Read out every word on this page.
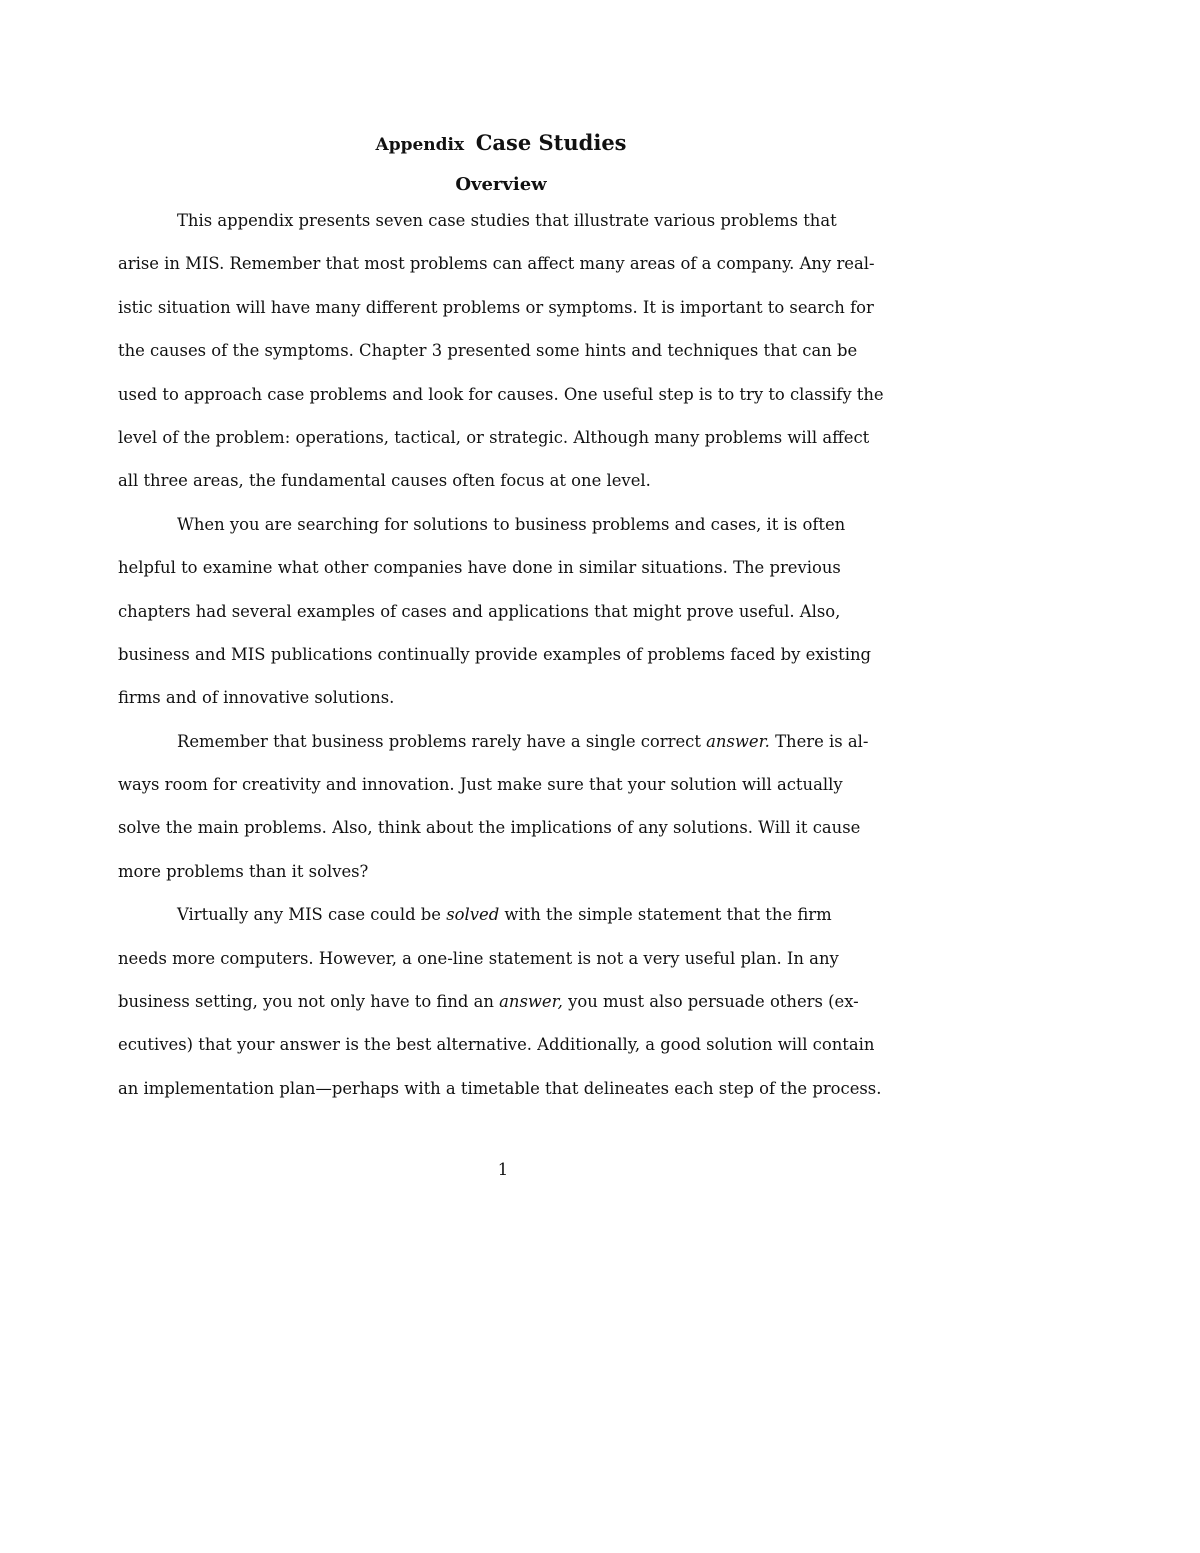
Appendix Case Studies
Overview
This appendix presents seven case studies that illustrate various problems that
arise in MIS. Remember that most problems can affect many areas of a company. Any real-
istic situation will have many different problems or symptoms. It is important to search for
the causes of the symptoms. Chapter 3 presented some hints and techniques that can be
used to approach case problems and look for causes. One useful step is to try to classify the
level of the problem: operations, tactical, or strategic. Although many problems will affect
all three areas, the fundamental causes often focus at one level.
When you are searching for solutions to business problems and cases, it is often
helpful to examine what other companies have done in similar situations. The previous
chapters had several examples of cases and applications that might prove useful. Also,
business and MIS publications continually provide examples of problems faced by existing
firms and of innovative solutions.
Remember that business problems rarely have a single correct answer. There is al-
ways room for creativity and innovation. Just make sure that your solution will actually
solve the main problems. Also, think about the implications of any solutions. Will it cause
more problems than it solves?
Virtually any MIS case could be solved with the simple statement that the firm
needs more computers. However, a one-line statement is not a very useful plan. In any
business setting, you not only have to find an answer, you must also persuade others (ex-
ecutives) that your answer is the best alternative. Additionally, a good solution will contain
an implementation plan—perhaps with a timetable that delineates each step of the process.
1
